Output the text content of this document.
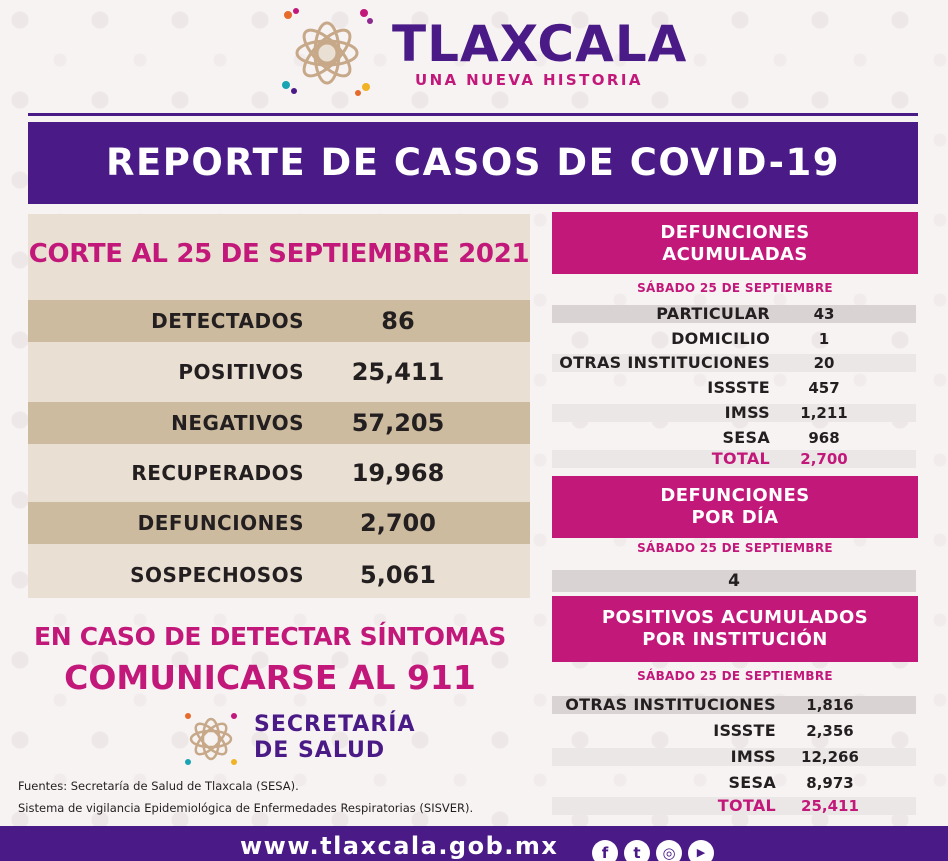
TLAXCALA
UNA NUEVA HISTORIA
REPORTE DE CASOS DE COVID-19
CORTE AL 25 DE SEPTIEMBRE 2021
DETECTADOS	86
POSITIVOS	25,411
NEGATIVOS	57,205
RECUPERADOS	19,968
DEFUNCIONES	2,700
SOSPECHOSOS	5,061
EN CASO DE DETECTAR SÍNTOMAS
COMUNICARSE AL 911
SECRETARÍA
DE SALUD
Fuentes: Secretaría de Salud de Tlaxcala (SESA).
Sistema de vigilancia Epidemiológica de Enfermedades Respiratorias (SISVER).
DEFUNCIONES
ACUMULADAS
SÁBADO 25 DE SEPTIEMBRE
PARTICULAR	43
DOMICILIO	1
OTRAS INSTITUCIONES	20
ISSSTE	457
IMSS	1,211
SESA	968
TOTAL	2,700
DEFUNCIONES
POR DÍA
SÁBADO 25 DE SEPTIEMBRE
4
POSITIVOS ACUMULADOS
POR INSTITUCIÓN
SÁBADO 25 DE SEPTIEMBRE
OTRAS INSTITUCIONES	1,816
ISSSTE	2,356
IMSS	12,266
SESA	8,973
TOTAL	25,411
www.tlaxcala.gob.mx	f	t	◎	▶
